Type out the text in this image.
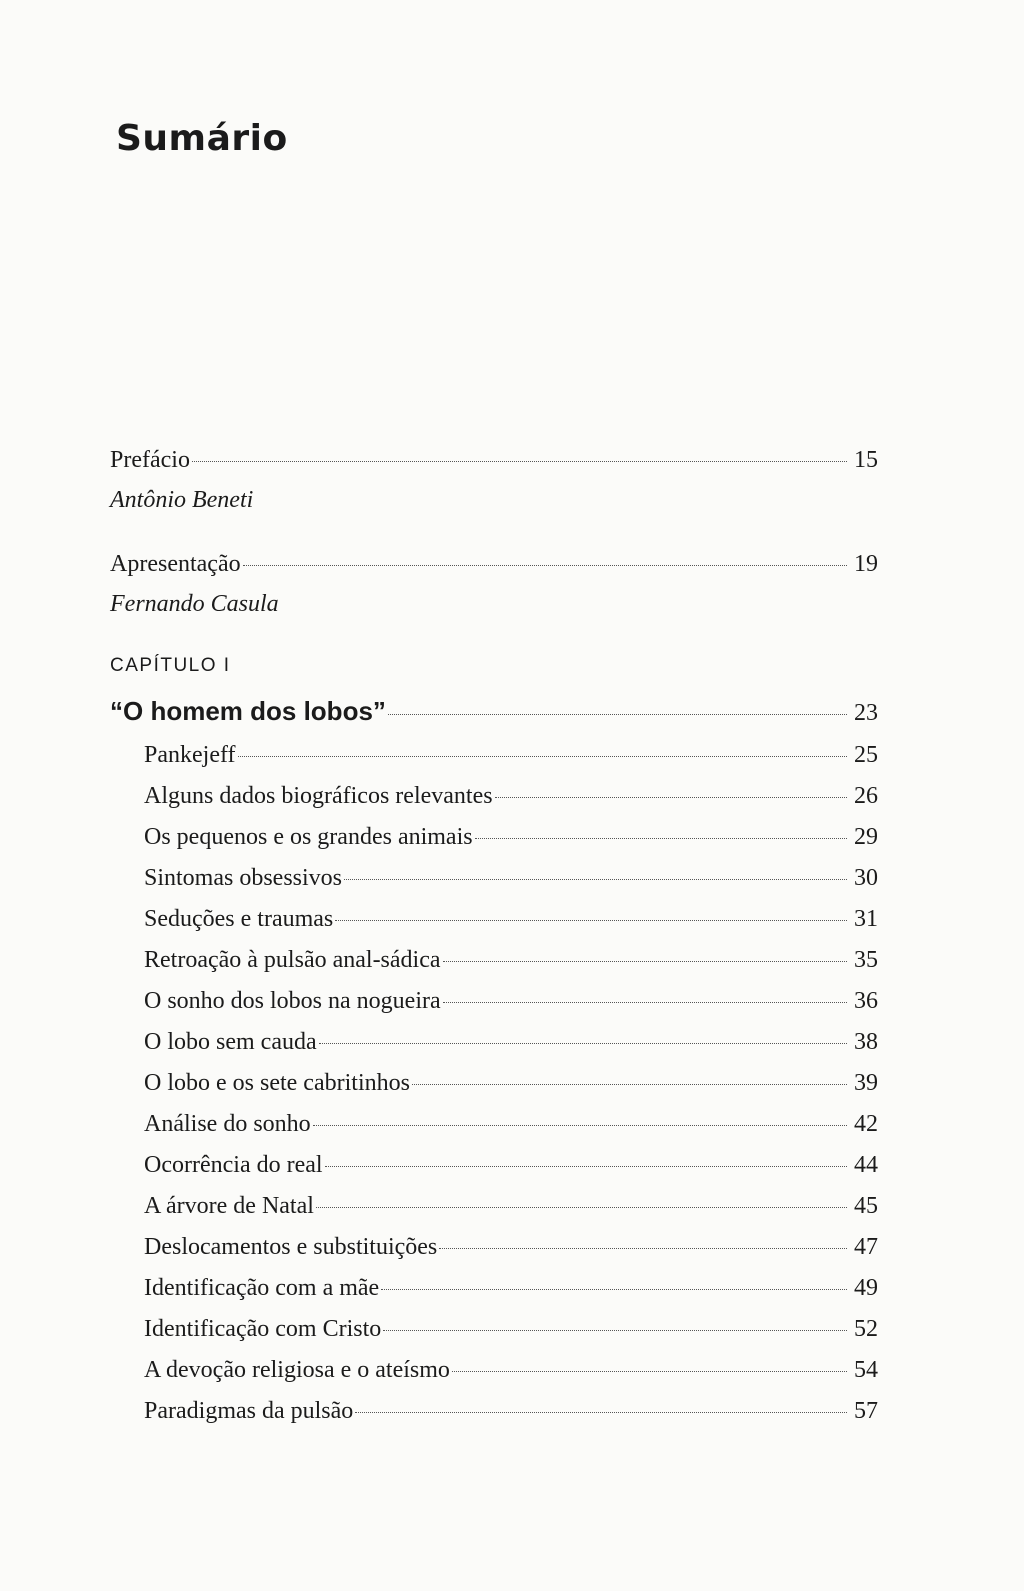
Sumário
Prefácio	15
Antônio Beneti
Apresentação	19
Fernando Casula
CAPÍTULO I
“O homem dos lobos”	23
Pankejeff	25
Alguns dados biográficos relevantes	26
Os pequenos e os grandes animais	29
Sintomas obsessivos	30
Seduções e traumas	31
Retroação à pulsão anal-sádica	35
O sonho dos lobos na nogueira	36
O lobo sem cauda	38
O lobo e os sete cabritinhos	39
Análise do sonho	42
Ocorrência do real	44
A árvore de Natal	45
Deslocamentos e substituições	47
Identificação com a mãe	49
Identificação com Cristo	52
A devoção religiosa e o ateísmo	54
Paradigmas da pulsão	57
